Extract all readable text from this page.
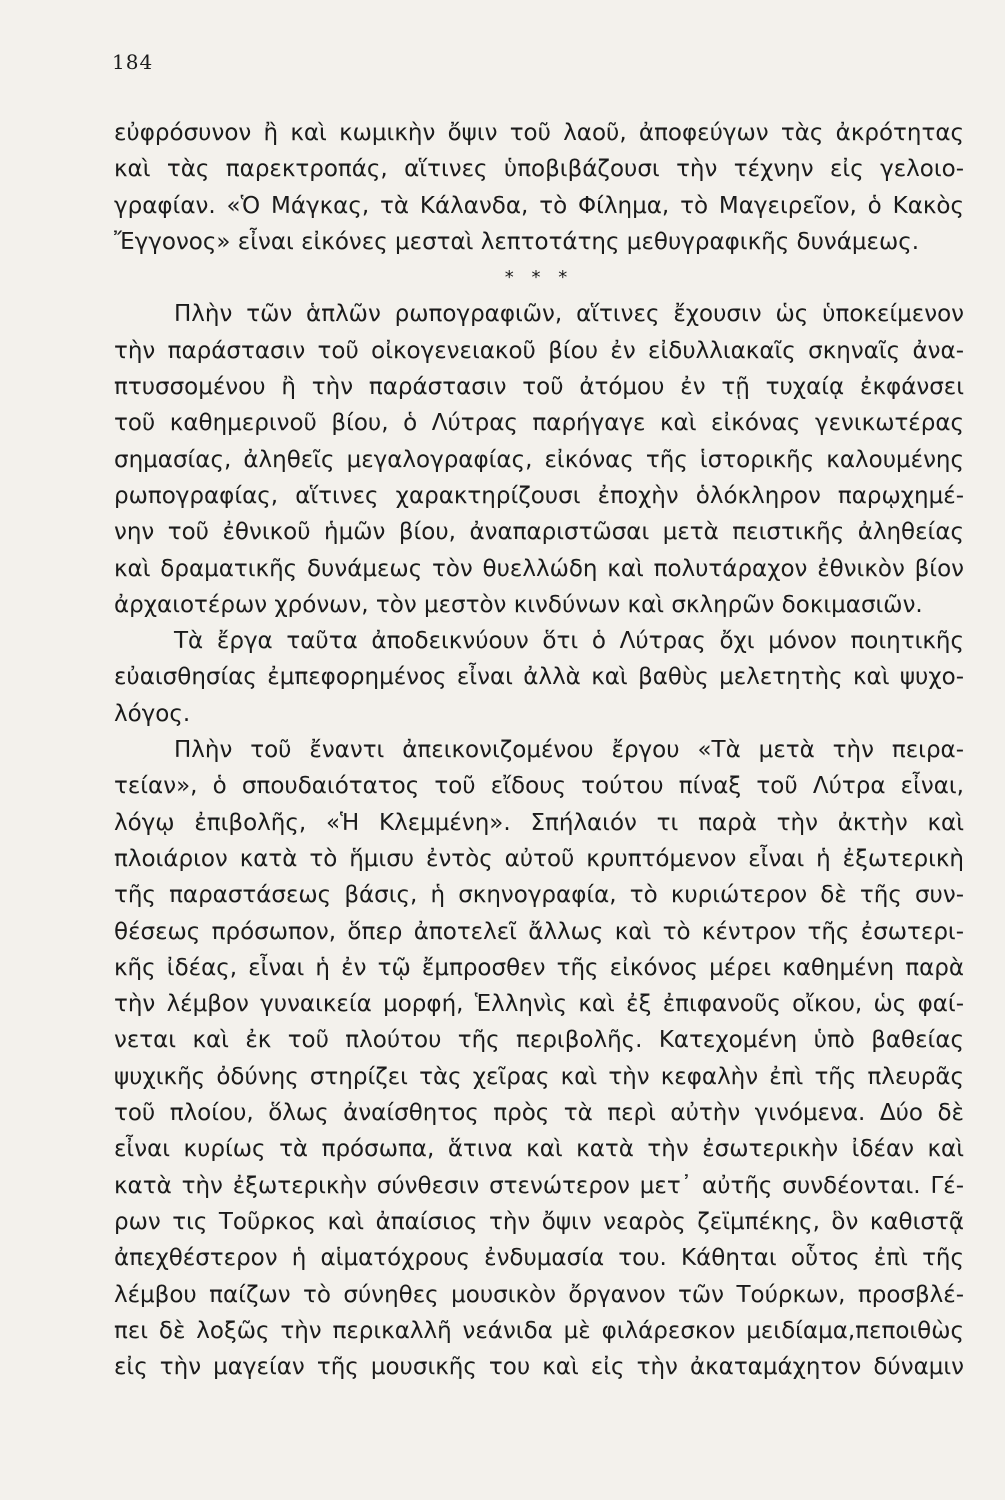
184
εὐφρόσυνον ἢ καὶ κωμικὴν ὄψιν τοῦ λαοῦ, ἀποφεύγων τὰς ἀκρότητας
καὶ τὰς παρεκτροπάς, αἵτινες ὑποβιβάζουσι τὴν τέχνην εἰς γελοιο-
γραφίαν. «Ὁ Μάγκας, τὰ Κάλανδα, τὸ Φίλημα, τὸ Μαγειρεῖον, ὁ Κακὸς
Ἔγγονος» εἶναι εἰκόνες μεσταὶ λεπτοτάτης μεθυγραφικῆς δυνάμεως.
* * *
Πλὴν τῶν ἁπλῶν ρωπογραφιῶν, αἵτινες ἔχουσιν ὡς ὑποκείμενον
τὴν παράστασιν τοῦ οἰκογενειακοῦ βίου ἐν εἰδυλλιακαῖς σκηναῖς ἀνα-
πτυσσομένου ἢ τὴν παράστασιν τοῦ ἀτόμου ἐν τῇ τυχαίᾳ ἐκφάνσει
τοῦ καθημερινοῦ βίου, ὁ Λύτρας παρήγαγε καὶ εἰκόνας γενικωτέρας
σημασίας, ἀληθεῖς μεγαλογραφίας, εἰκόνας τῆς ἱστορικῆς καλουμένης
ρωπογραφίας, αἵτινες χαρακτηρίζουσι ἐποχὴν ὁλόκληρον παρῳχημέ-
νην τοῦ ἐθνικοῦ ἡμῶν βίου, ἀναπαριστῶσαι μετὰ πειστικῆς ἀληθείας
καὶ δραματικῆς δυνάμεως τὸν θυελλώδη καὶ πολυτάραχον ἐθνικὸν βίον
ἀρχαιοτέρων χρόνων, τὸν μεστὸν κινδύνων καὶ σκληρῶν δοκιμασιῶν.
Τὰ ἔργα ταῦτα ἀποδεικνύουν ὅτι ὁ Λύτρας ὄχι μόνον ποιητικῆς
εὐαισθησίας ἐμπεφορημένος εἶναι ἀλλὰ καὶ βαθὺς μελετητὴς καὶ ψυχο-
λόγος.
Πλὴν τοῦ ἔναντι ἀπεικονιζομένου ἔργου «Τὰ μετὰ τὴν πειρα-
τείαν», ὁ σπουδαιότατος τοῦ εἴδους τούτου πίναξ τοῦ Λύτρα εἶναι,
λόγῳ ἐπιβολῆς, «Ἡ Κλεμμένη». Σπήλαιόν τι παρὰ τὴν ἀκτὴν καὶ
πλοιάριον κατὰ τὸ ἥμισυ ἐντὸς αὐτοῦ κρυπτόμενον εἶναι ἡ ἐξωτερικὴ
τῆς παραστάσεως βάσις, ἡ σκηνογραφία, τὸ κυριώτερον δὲ τῆς συν-
θέσεως πρόσωπον, ὅπερ ἀποτελεῖ ἄλλως καὶ τὸ κέντρον τῆς ἐσωτερι-
κῆς ἰδέας, εἶναι ἡ ἐν τῷ ἔμπροσθεν τῆς εἰκόνος μέρει καθημένη παρὰ
τὴν λέμβον γυναικεία μορφή, Ἑλληνὶς καὶ ἐξ ἐπιφανοῦς οἴκου, ὡς φαί-
νεται καὶ ἐκ τοῦ πλούτου τῆς περιβολῆς. Κατεχομένη ὑπὸ βαθείας
ψυχικῆς ὀδύνης στηρίζει τὰς χεῖρας καὶ τὴν κεφαλὴν ἐπὶ τῆς πλευρᾶς
τοῦ πλοίου, ὅλως ἀναίσθητος πρὸς τὰ περὶ αὐτὴν γινόμενα. Δύο δὲ
εἶναι κυρίως τὰ πρόσωπα, ἅτινα καὶ κατὰ τὴν ἐσωτερικὴν ἰδέαν καὶ
κατὰ τὴν ἐξωτερικὴν σύνθεσιν στενώτερον μετ᾽ αὐτῆς συνδέονται. Γέ-
ρων τις Τοῦρκος καὶ ἀπαίσιος τὴν ὄψιν νεαρὸς ζεϊμπέκης, ὃν καθιστᾷ
ἀπεχθέστερον ἡ αἱματόχρους ἐνδυμασία του. Κάθηται οὗτος ἐπὶ τῆς
λέμβου παίζων τὸ σύνηθες μουσικὸν ὄργανον τῶν Τούρκων, προσβλέ-
πει δὲ λοξῶς τὴν περικαλλῆ νεάνιδα μὲ φιλάρεσκον μειδίαμα,πεποιθὼς
εἰς τὴν μαγείαν τῆς μουσικῆς του καὶ εἰς τὴν ἀκαταμάχητον δύναμιν
